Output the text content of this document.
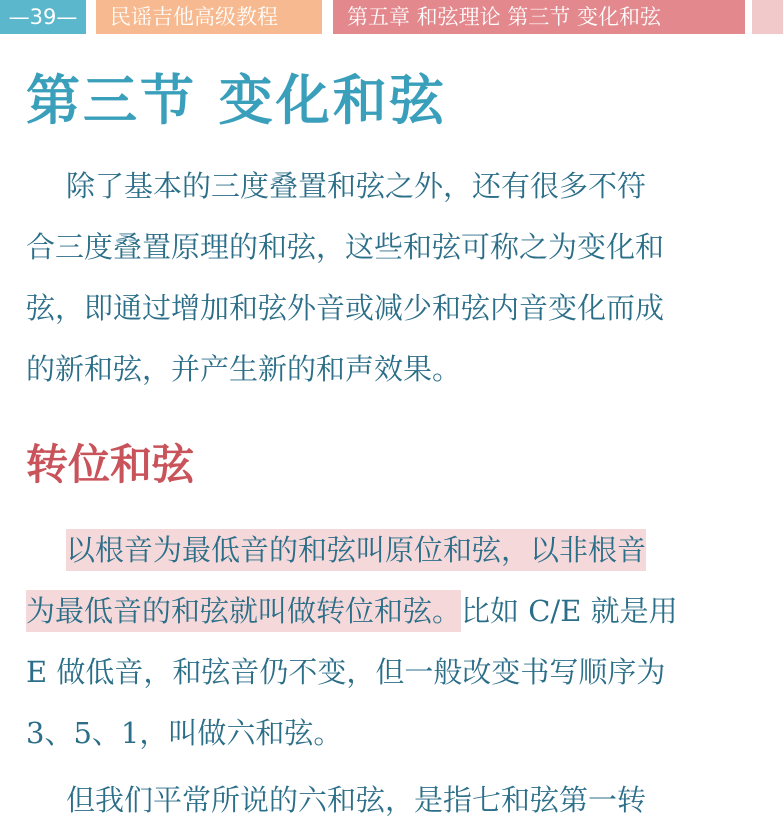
—39—	民谣吉他高级教程	第五章 和弦理论 第三节 变化和弦
第三节 变化和弦
除了基本的三度叠置和弦之外，还有很多不符
合三度叠置原理的和弦，这些和弦可称之为变化和
弦，即通过增加和弦外音或减少和弦内音变化而成
的新和弦，并产生新的和声效果。
转位和弦
以根音为最低音的和弦叫原位和弦，以非根音
为最低音的和弦就叫做转位和弦。比如 C/E 就是用
E 做低音，和弦音仍不变，但一般改变书写顺序为
3、5、1，叫做六和弦。
但我们平常所说的六和弦，是指七和弦第一转
